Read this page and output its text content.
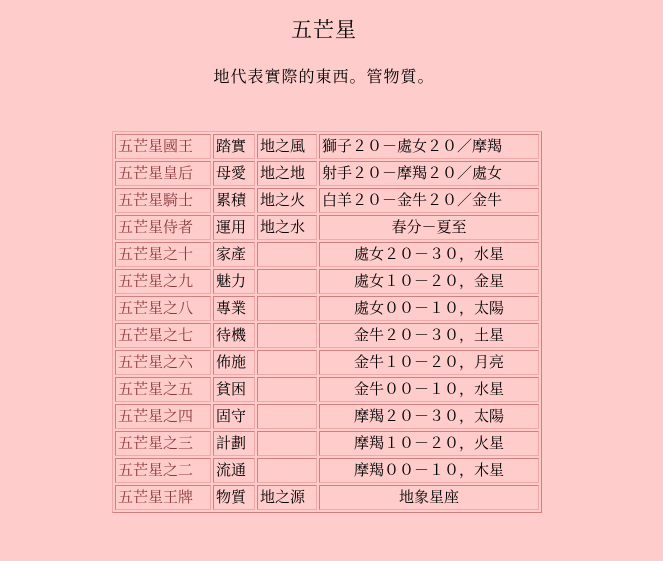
五芒星
地代表實際的東西。管物質。
五芒星國王	踏實	地之風	獅子２０－處女２０／摩羯
五芒星皇后	母愛	地之地	射手２０－摩羯２０／處女
五芒星騎士	累積	地之火	白羊２０－金牛２０／金牛
五芒星侍者	運用	地之水	春分－夏至
五芒星之十	家產		處女２０－３０，水星
五芒星之九	魅力		處女１０－２０，金星
五芒星之八	專業		處女００－１０，太陽
五芒星之七	待機		金牛２０－３０，土星
五芒星之六	佈施		金牛１０－２０，月亮
五芒星之五	貧困		金牛００－１０，水星
五芒星之四	固守		摩羯２０－３０，太陽
五芒星之三	計劃		摩羯１０－２０，火星
五芒星之二	流通		摩羯００－１０，木星
五芒星王牌	物質	地之源	地象星座
